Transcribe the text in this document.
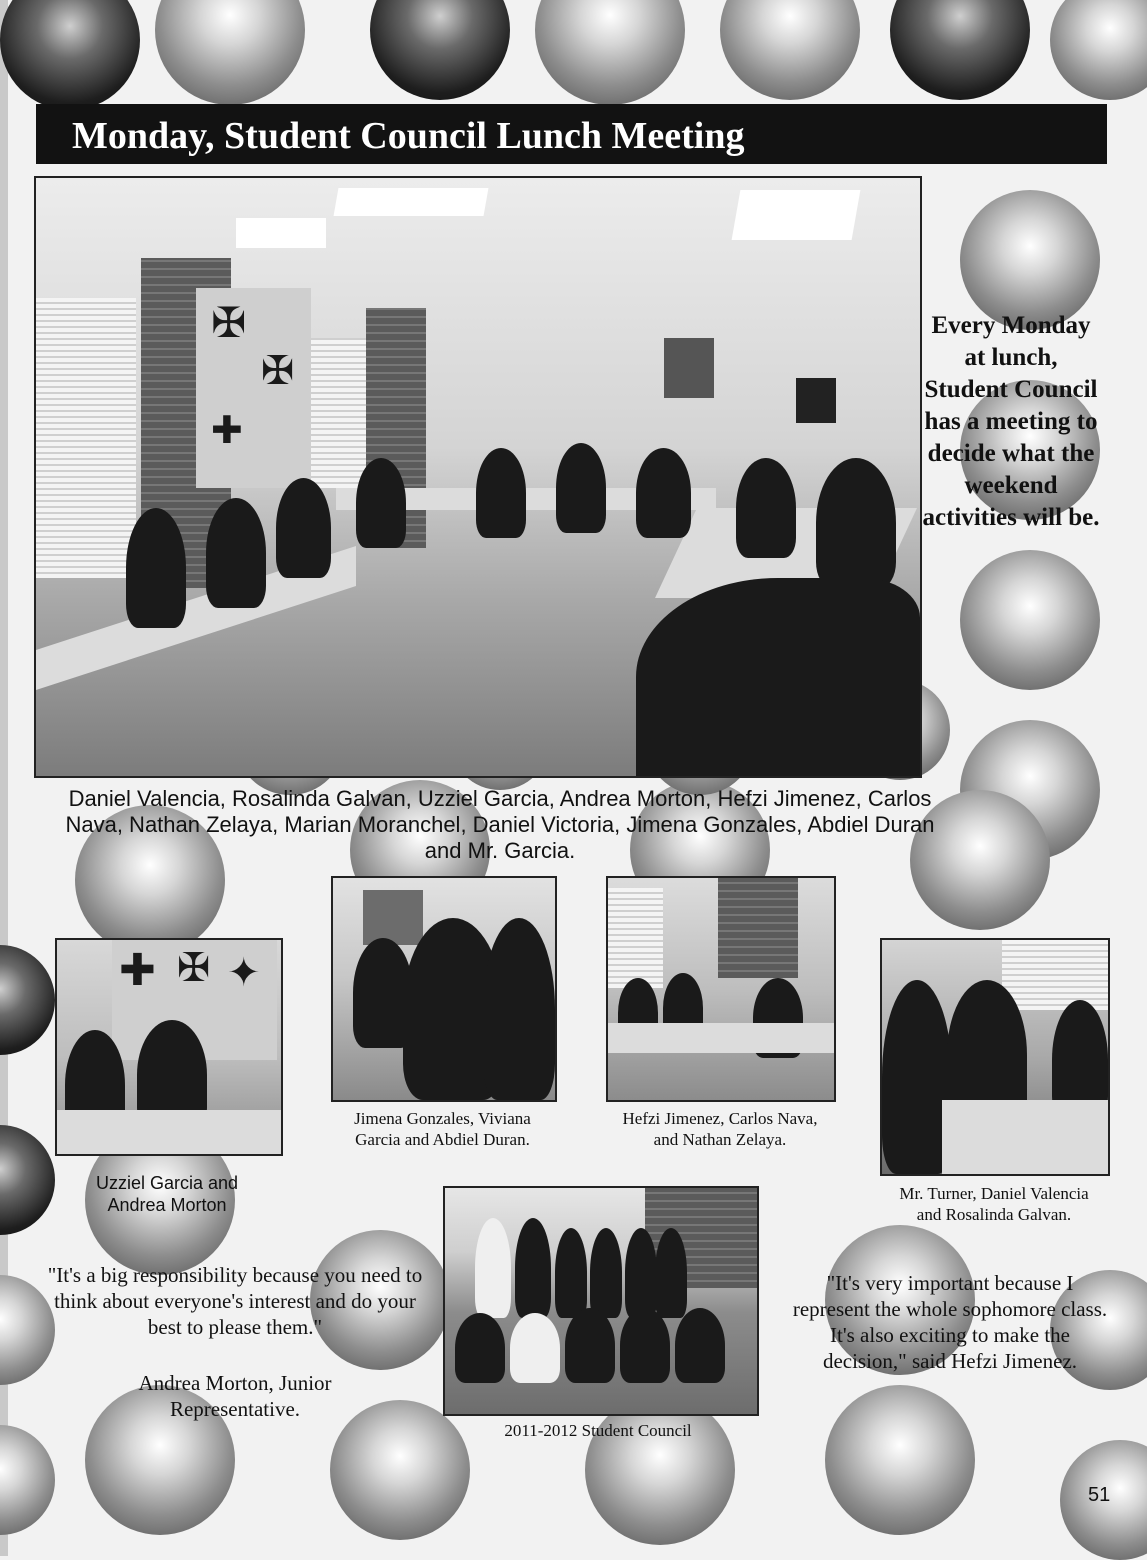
Monday, Student Council Lunch Meeting
✠
✠
✚
Every Monday at lunch, Student Council has a meeting to decide what the weekend activities will be.
Daniel Valencia, Rosalinda Galvan, Uzziel Garcia, Andrea Morton, Hefzi Jimenez, Carlos Nava, Nathan Zelaya, Marian Moranchel, Daniel Victoria, Jimena Gonzales, Abdiel Duran and Mr. Garcia.
✚ ✠ ✦
Uzziel Garcia and Andrea Morton
Jimena Gonzales, Viviana Garcia and Abdiel Duran.
Hefzi Jimenez, Carlos Nava, and Nathan Zelaya.
Mr. Turner, Daniel Valencia and Rosalinda Galvan.
2011-2012 Student Council
"It's a big responsibility because you need to think about everyone's interest and do your best to please them."
Andrea Morton, Junior Representative.
"It's very important because I represent the whole sophomore class. It's also exciting to make the decision," said Hefzi Jimenez.
51
